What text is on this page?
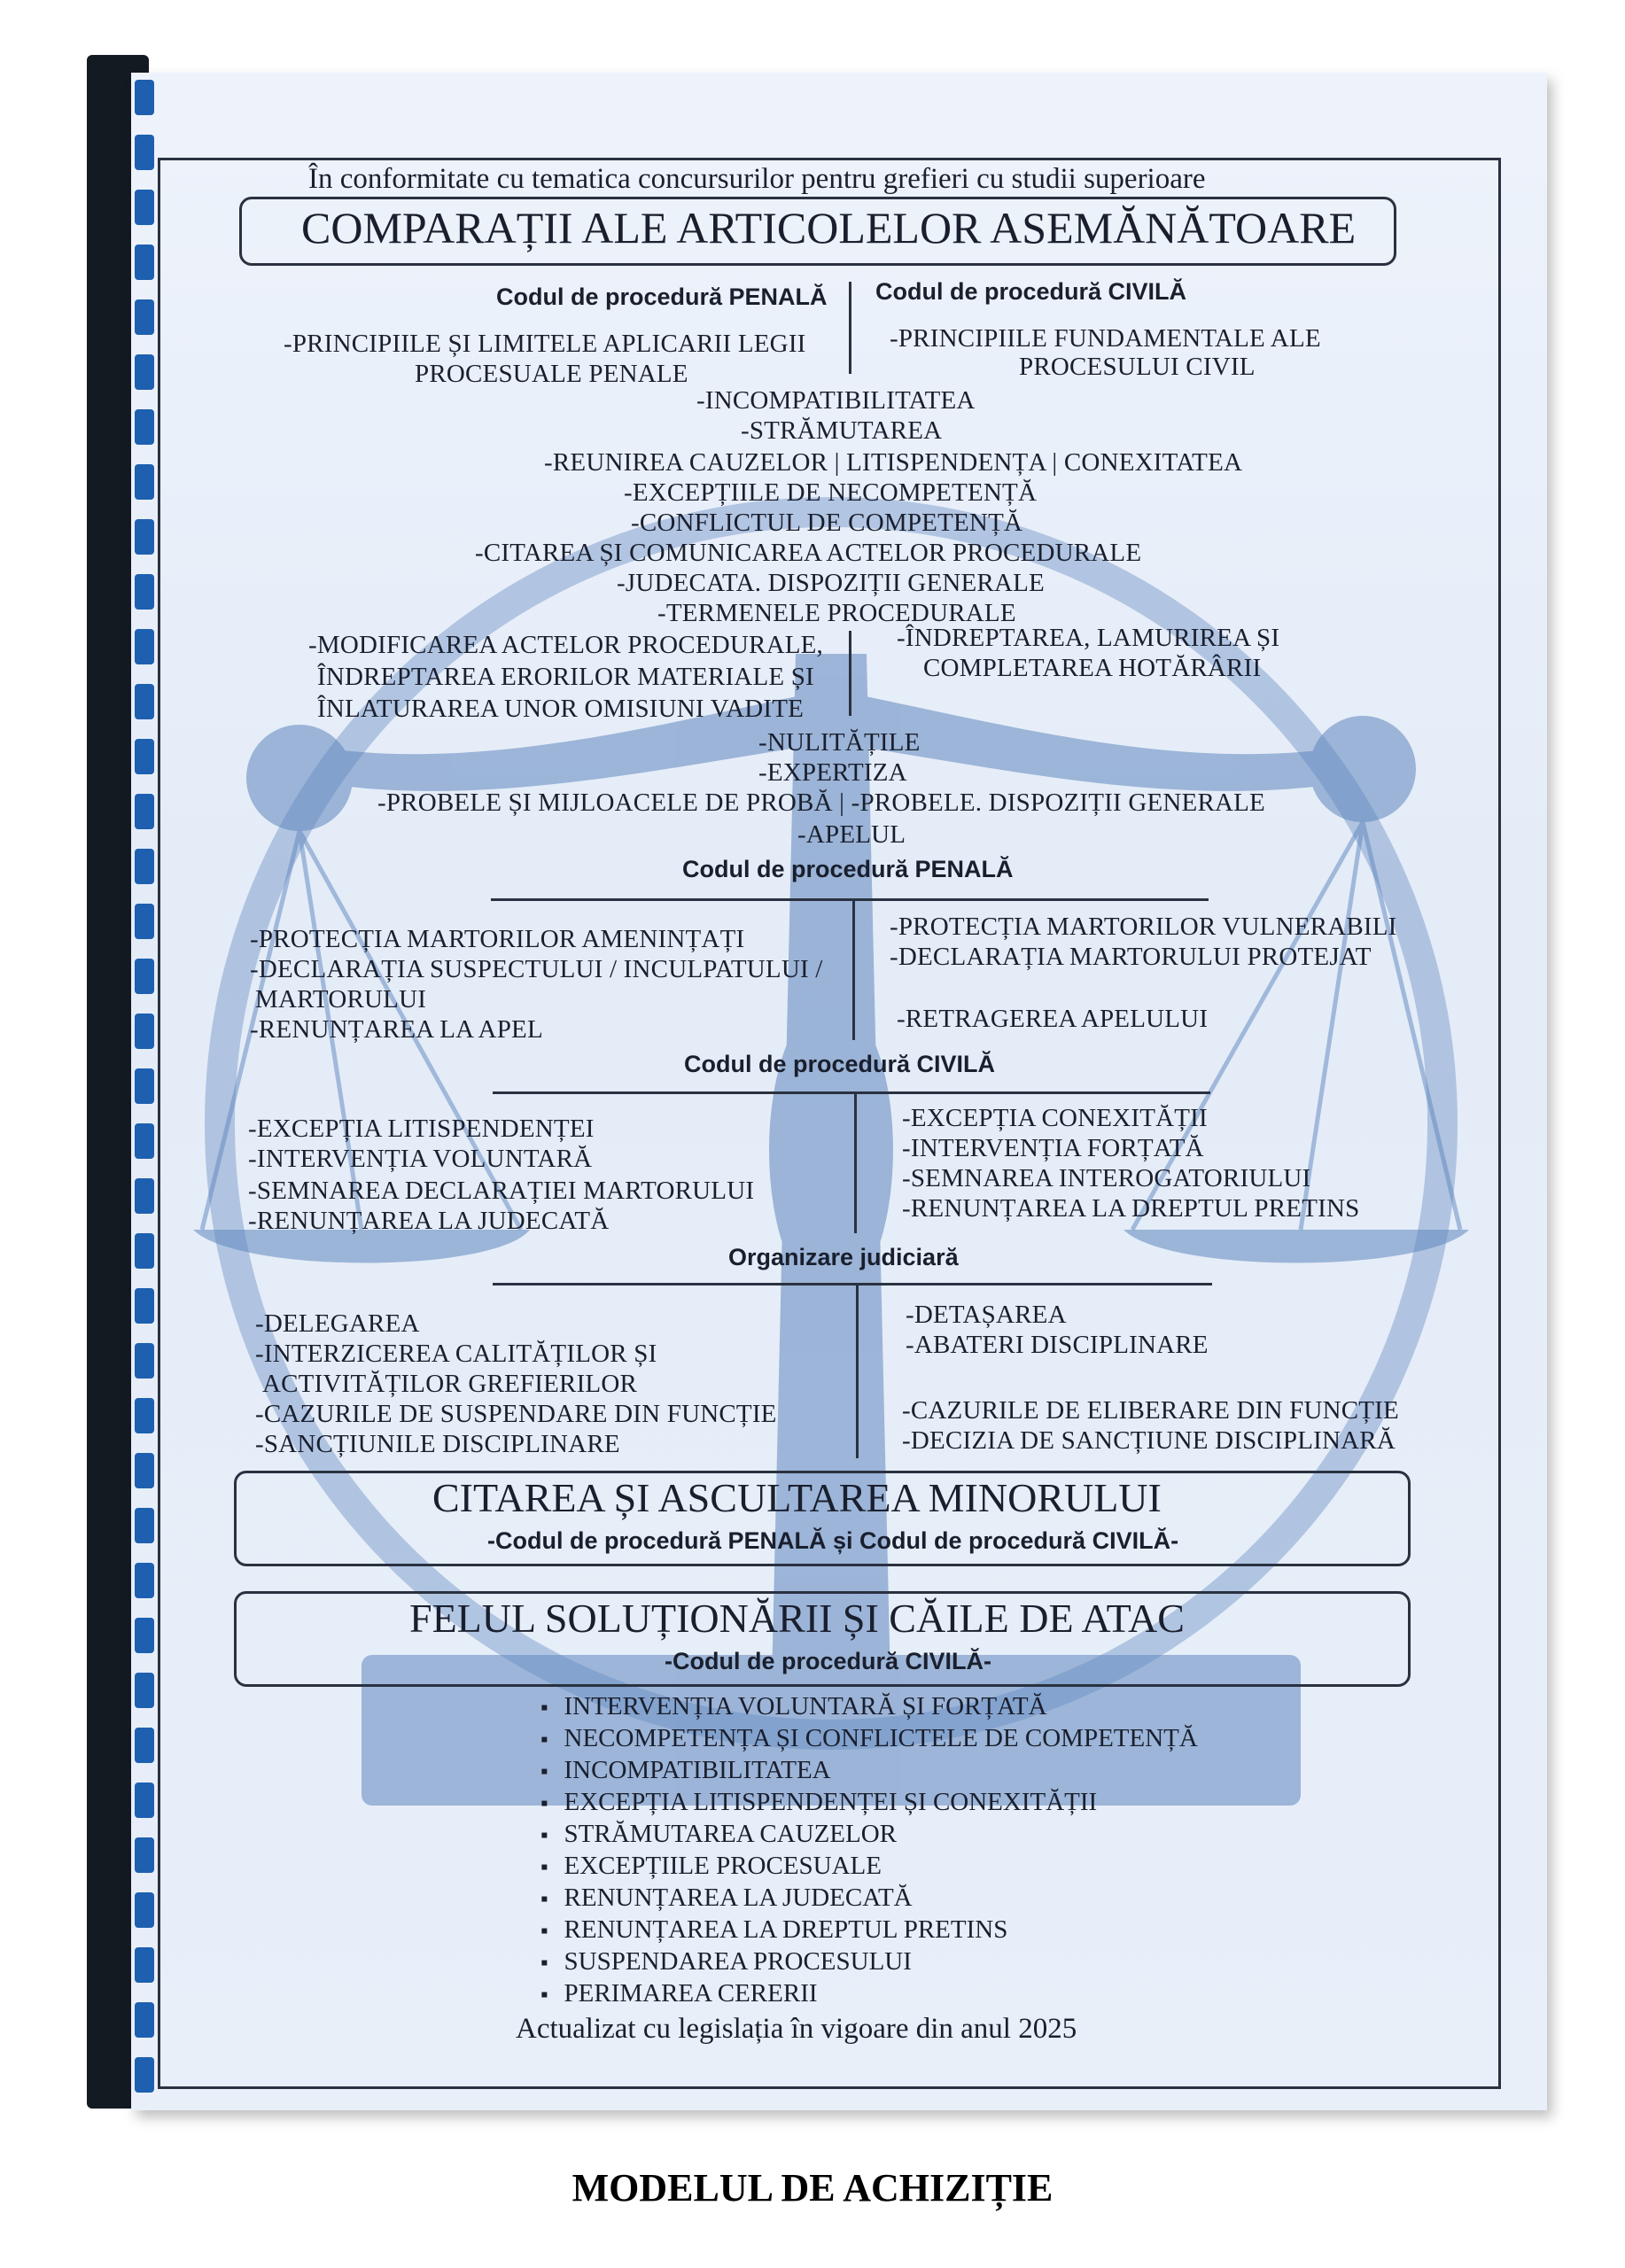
În conformitate cu tematica concursurilor pentru grefieri cu studii superioare
COMPARAȚII ALE ARTICOLELOR ASEMĂNĂTOARE
Codul de procedură PENALĂ Codul de procedură CIVILĂ
-PRINCIPIILE ȘI LIMITELE APLICARII LEGII
PROCESUALE PENALE
-PRINCIPIILE FUNDAMENTALE ALE
PROCESULUI CIVIL
-INCOMPATIBILITATEA
-STRĂMUTAREA
-REUNIREA CAUZELOR | LITISPENDENȚA | CONEXITATEA
-EXCEPȚIILE DE NECOMPETENȚĂ
-CONFLICTUL DE COMPETENȚĂ
-CITAREA ȘI COMUNICAREA ACTELOR PROCEDURALE
-JUDECATA. DISPOZIȚII GENERALE
-TERMENELE PROCEDURALE
-MODIFICAREA ACTELOR PROCEDURALE,
ÎNDREPTAREA ERORILOR MATERIALE ȘI
ÎNLATURAREA UNOR OMISIUNI VADITE
-ÎNDREPTAREA, LAMURIREA ȘI
COMPLETAREA HOTĂRÂRII
-NULITĂȚILE
-EXPERTIZA
-PROBELE ȘI MIJLOACELE DE PROBĂ | -PROBELE. DISPOZIȚII GENERALE
-APELUL
Codul de procedură PENALĂ
-PROTECȚIA MARTORILOR AMENINȚAȚI
-DECLARAȚIA SUSPECTULUI / INCULPATULUI /
MARTORULUI
-RENUNȚAREA LA APEL
-PROTECȚIA MARTORILOR VULNERABILI
-DECLARAȚIA MARTORULUI PROTEJAT
-RETRAGEREA APELULUI
Codul de procedură CIVILĂ
-EXCEPȚIA LITISPENDENȚEI
-INTERVENȚIA VOLUNTARĂ
-SEMNAREA DECLARAȚIEI MARTORULUI
-RENUNȚAREA LA JUDECATĂ
-EXCEPȚIA CONEXITĂȚII
-INTERVENȚIA FORȚATĂ
-SEMNAREA INTEROGATORIULUI
-RENUNȚAREA LA DREPTUL PRETINS
Organizare judiciară
-DELEGAREA
-INTERZICEREA CALITĂȚILOR ȘI
ACTIVITĂȚILOR GREFIERILOR
-CAZURILE DE SUSPENDARE DIN FUNCȚIE
-SANCȚIUNILE DISCIPLINARE
-DETAȘAREA
-ABATERI DISCIPLINARE
-CAZURILE DE ELIBERARE DIN FUNCȚIE
-DECIZIA DE SANCȚIUNE DISCIPLINARĂ
CITAREA ȘI ASCULTAREA MINORULUI
-Codul de procedură PENALĂ și Codul de procedură CIVILĂ-
FELUL SOLUȚIONĂRII ȘI CĂILE DE ATAC
-Codul de procedură CIVILĂ-
▪ INTERVENȚIA VOLUNTARĂ ȘI FORȚATĂ
▪ NECOMPETENȚA ȘI CONFLICTELE DE COMPETENȚĂ
▪ INCOMPATIBILITATEA
▪ EXCEPȚIA LITISPENDENȚEI ȘI CONEXITĂȚII
▪ STRĂMUTAREA CAUZELOR
▪ EXCEPȚIILE PROCESUALE
▪ RENUNȚAREA LA JUDECATĂ
▪ RENUNȚAREA LA DREPTUL PRETINS
▪ SUSPENDAREA PROCESULUI
▪ PERIMAREA CERERII
Actualizat cu legislația în vigoare din anul 2025
MODELUL DE ACHIZIȚIE
